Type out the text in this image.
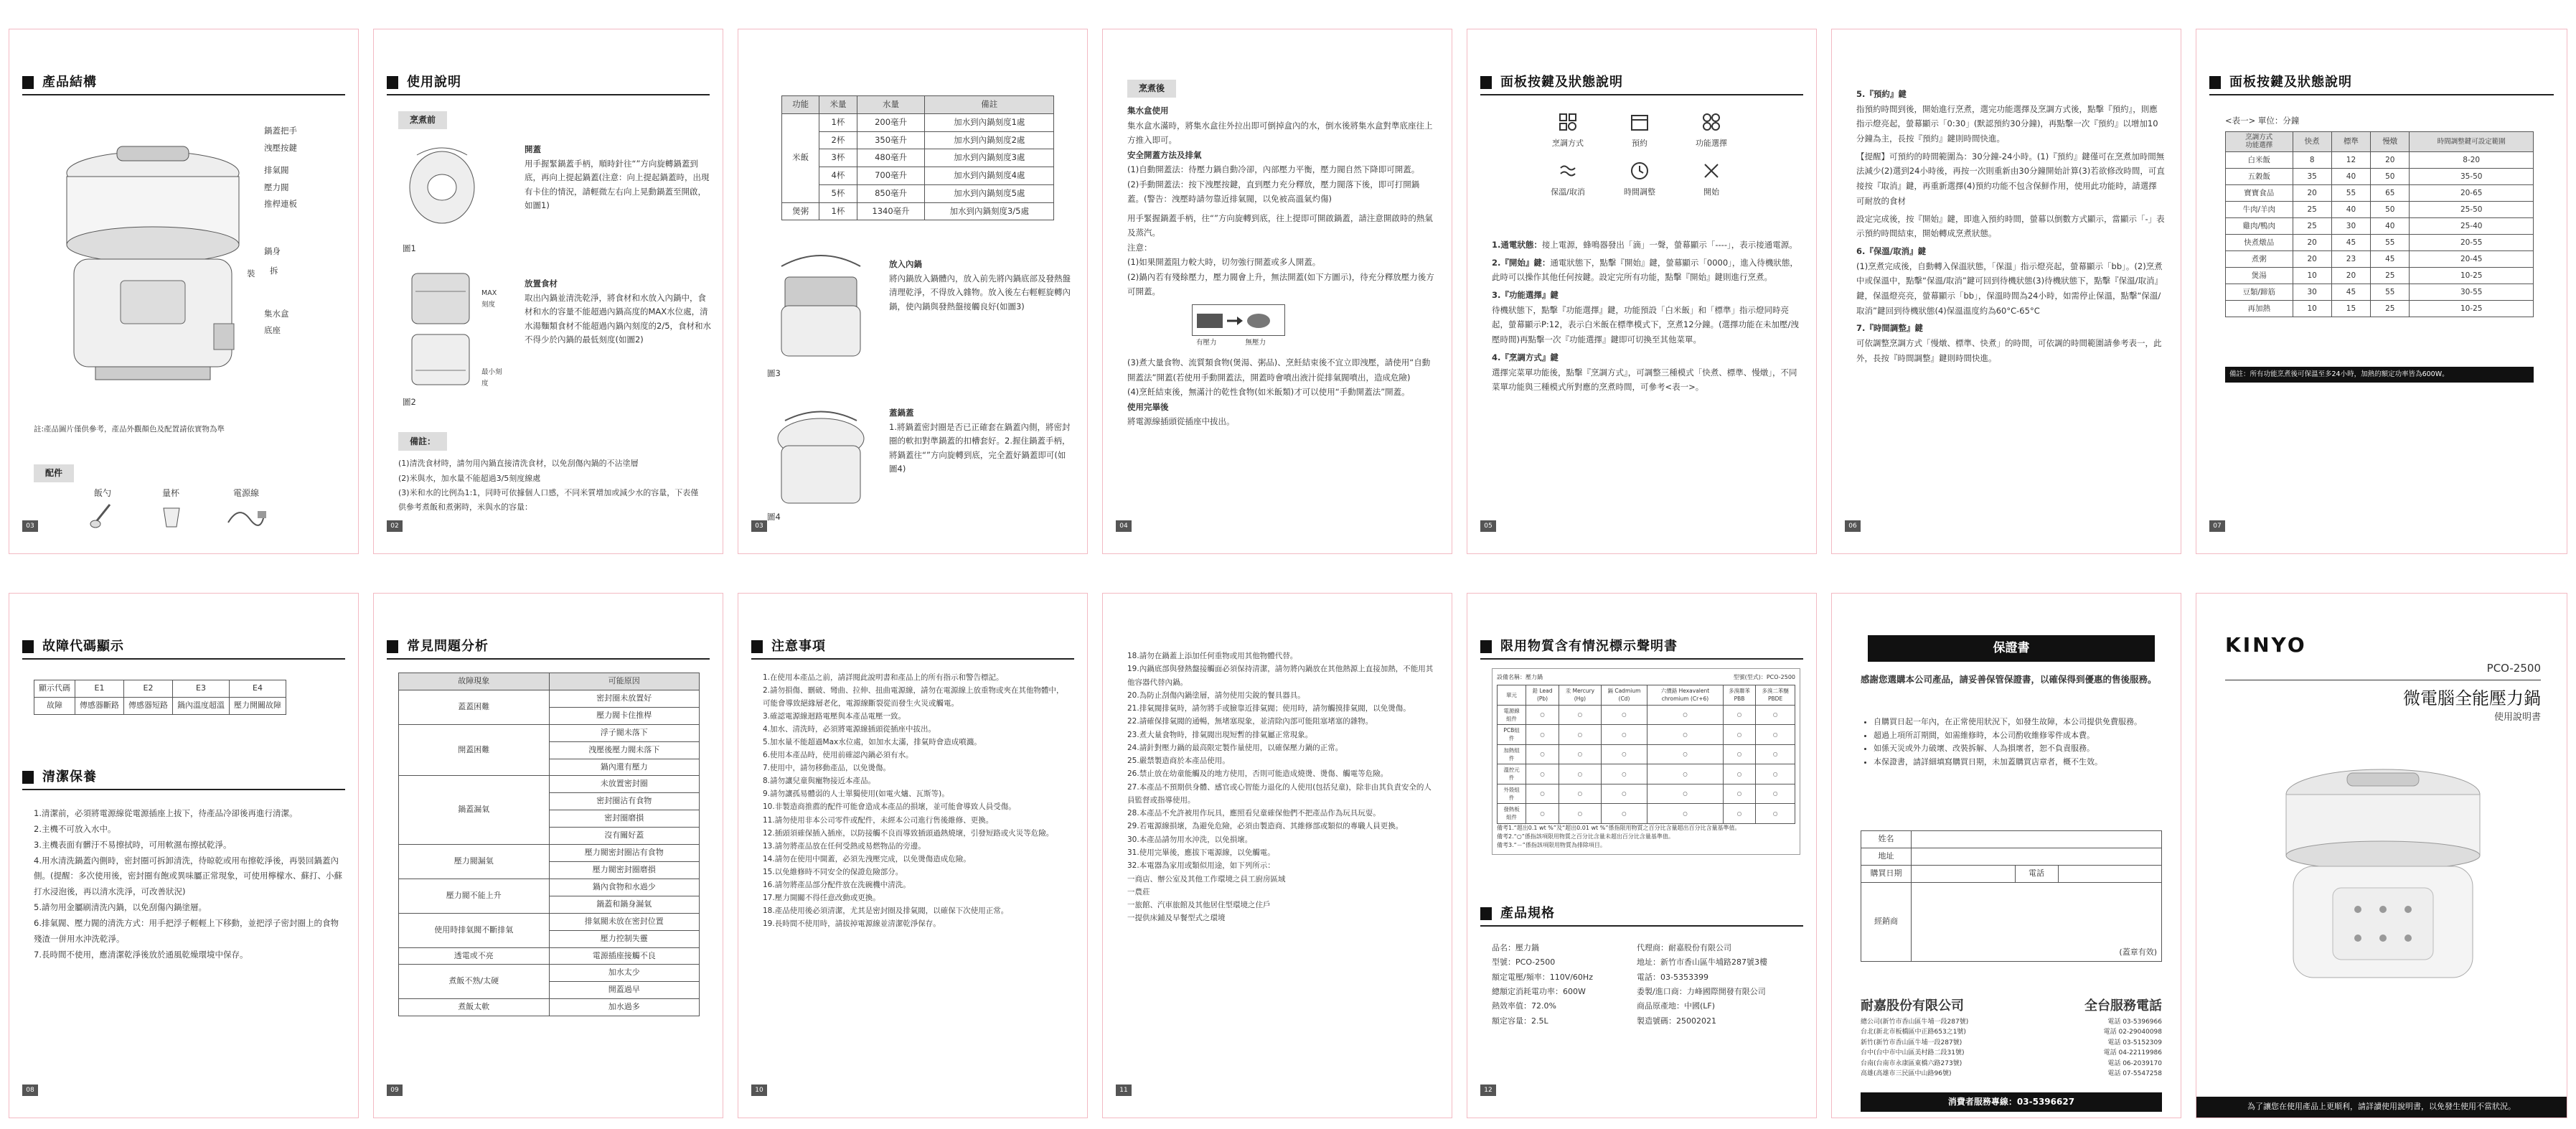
產品結構
鍋蓋把手
洩壓按鍵
排氣閥
壓力閥
推桿連板
鍋身
裝	拆
集水盒
底座
註:產品圖片僅供參考，產品外觀顏色及配置請依實物為準
配件
飯勺	量杯	電源線
03
使用說明
烹煮前
圖1
開蓋
用手握緊鍋蓋手柄，順時針往“”方向旋轉鍋蓋到底，再向上提起鍋蓋(注意：向上提起鍋蓋時，出現有卡住的情況，請輕微左右向上晃動鍋蓋至開啟，如圖1)
MAX刻度
最小刻度
圖2
放置食材
取出內鍋並清洗乾淨，將食材和水放入內鍋中，食材和水的容量不能超過內鍋高度的MAX水位處，清水湯麵類食材不能超過內鍋內刻度的2/5，食材和水不得少於內鍋的最低刻度(如圖2)
備註：
(1)清洗食材時，請勿用內鍋直接清洗食材，以免刮傷內鍋的不沾塗層
(2)米與水，加水量不能超過3/5刻度線處
(3)米和水的比例為1:1，同時可依據個人口感，不同米質增加或減少水的容量，下表僅供參考煮飯和煮粥時，米與水的容量：
02
功能	米量	水量	備註
米飯	1杯	200毫升	加水到內鍋刻度1處
	2杯	350毫升	加水到內鍋刻度2處
	3杯	480毫升	加水到內鍋刻度3處
	4杯	700毫升	加水到內鍋刻度4處
	5杯	850毫升	加水到內鍋刻度5處
煲粥	1杯	1340毫升	加水到內鍋刻度3/5處
圖3
放入內鍋
將內鍋放入鍋體內，放入前先將內鍋底部及發熱盤清理乾淨，不得放入雜物。放入後左右輕輕旋轉內鍋，使內鍋與發熱盤接觸良好(如圖3)
圖4
蓋鍋蓋
1.將鍋蓋密封圈是否已正確套在鍋蓋內側，將密封圈的軟扣對準鍋蓋的扣槽套好。2.握住鍋蓋手柄，將鍋蓋往“”方向旋轉到底，完全蓋好鍋蓋即可(如圖4)
03
烹煮後
集水盒使用
集水盒水滿時，將集水盒往外拉出即可倒掉盒內的水，倒水後將集水盒對準底座往上方推入即可。
安全開蓋方法及排氣
(1)自動開蓋法：待壓力鍋自動冷卻，內部壓力平衡，壓力閥自然下降即可開蓋。
(2)手動開蓋法：按下洩壓按鍵，直到壓力充分釋放，壓力閥落下後，即可打開鍋蓋。(警告：洩壓時請勿靠近排氣閥，以免被高溫氣灼傷)
用手緊握鍋蓋手柄，往“”方向旋轉到底，往上提即可開啟鍋蓋，請注意開啟時的熱氣及蒸汽。
注意：
(1)如果開蓋阻力較大時，切勿強行開蓋或多人開蓋。
(2)鍋內若有殘餘壓力，壓力閥會上升，無法開蓋(如下方圖示)，待充分釋放壓力後方可開蓋。
有壓力	無壓力
(3)煮大量食物、流質類食物(煲湯、粥品)、烹飪結束後不宜立即洩壓，請使用“自動開蓋法”開蓋(若使用手動開蓋法，開蓋時會噴出液汁從排氣閥噴出，造成危險)
(4)烹飪結束後，無滿汁的乾性食物(如米飯類)才可以使用“手動開蓋法”開蓋。
使用完畢後
將電源線插頭從插座中拔出。
04
面板按鍵及狀態說明
烹調方式	預約	功能選擇
保溫/取消	時間調整	開始

1.通電狀態：接上電源，蜂鳴器發出「滴」一聲，螢幕顯示「----」，表示接通電源。

2.『開始』鍵：通電狀態下，點擊『開始』鍵，螢幕顯示「0000」，進入待機狀態，此時可以操作其他任何按鍵。設定完所有功能，點擊『開始』鍵則進行烹煮。

3.『功能選擇』鍵
待機狀態下，點擊『功能選擇』鍵，功能預設「白米飯」和「標準」指示燈同時亮起，螢幕顯示P:12，表示白米飯在標準模式下，烹煮12分鐘。(選擇功能在未加壓/洩壓時間)再點擊一次『功能選擇』鍵即可切換至其他菜單。

4.『烹調方式』鍵
選擇完菜單功能後，點擊『烹調方式』，可調整三種模式「快煮、標準、慢燉」，不同菜單功能與三種模式所對應的烹煮時間，可參考<表一>。

05

5.『預約』鍵
指預約時間到後，開始進行烹煮，選完功能選擇及烹調方式後，點擊『預約』，則應指示燈亮起，螢幕顯示「0:30」(默認預約30分鐘)，再點擊一次『預約』以增加10分鐘為主，長按『預約』鍵則時間快進。

【提醒】可預約的時間範圍為：30分鐘-24小時。(1)『預約』鍵僅可在烹煮加時間無法減少(2)選到24小時後，再按一次則重新由30分鐘開始計算(3)若欲修改時間，可直接按『取消』鍵，再重新選擇(4)預約功能不包含保鮮作用，使用此功能時，請選擇可耐放的食材

設定完成後，按『開始』鍵，即進入預約時間，螢幕以倒數方式顯示，當顯示「-」表示預約時間結束，開始轉成烹煮狀態。

6.『保溫/取消』鍵
(1)烹煮完成後，自動轉入保溫狀態，「保溫」指示燈亮起，螢幕顯示「bb」。(2)烹煮中或保溫中，點擊“保溫/取消”鍵可回到待機狀態(3)待機狀態下，點擊『保溫/取消』鍵，保溫燈亮亮，螢幕顯示「bb」，保溫時間為24小時，如需停止保溫，點擊“保溫/取消”鍵回到待機狀態(4)保溫溫度約為60°C-65°C

7.『時間調整』鍵
可依調整烹調方式「慢燉、標準、快煮」的時間，可依調的時間範圍請參考表一，此外，長按『時間調整』鍵則時間快進。

06
面板按鍵及狀態說明
<表一> 單位：分鐘
烹調方式
功能選擇	快煮	標準	慢燉	時間調整鍵可設定範圍
白米飯	8	12	20	8-20
五穀飯	35	40	50	35-50
寶寶食品	20	55	65	20-65
牛肉/羊肉	25	40	50	25-50
雞肉/鴨肉	25	30	40	25-40
快煮燉品	20	45	55	20-55
煮粥	20	23	45	20-45
煲湯	10	20	25	10-25
豆類/蹄筋	30	45	55	30-55
再加熱	10	15	25	10-25
備註：所有功能烹煮後可保溫至多24小時，加熱的額定功率皆為600W。
07
故障代碼顯示
顯示代碼	E1	E2	E3	E4
故障	傳感器斷路	傳感器短路	鍋內溫度超溫	壓力開關故障
清潔保養
1.清潔前，必須將電源線從電源插座上拔下，待產品冷卻後再進行清潔。
2.主機不可放入水中。
3.主機表面有髒汙不易擦拭時，可用軟濕布擦拭乾淨。
4.用水清洗鍋蓋內側時，密封圈可拆卸清洗，待晾乾或用布擦乾淨後，再裝回鍋蓋內側。(提醒：多次使用後，密封圈有飽或異味屬正常現象，可使用檸檬水、蘇打、小蘇打水浸泡後，再以清水洗淨，可改善狀況)
5.請勿用金屬刷清洗內鍋，以免刮傷內鍋塗層。
6.排氣閥、壓力閥的清洗方式：用手把浮子輕輕上下移動，並把浮子密封圈上的食物殘渣一併用水沖洗乾淨。
7.長時間不使用，應清潔乾淨後放於通風乾燥環境中保存。
08
常見問題分析
故障現象	可能原因
蓋蓋困難	密封圈未放置好
	壓力閥卡住推桿
開蓋困難	浮子閥未落下
	洩壓後壓力閥未落下
	鍋內還有壓力
鍋蓋漏氣	未放置密封圈
	密封圈沾有食物
	密封圈磨損
	沒有關好蓋
壓力閥漏氣	壓力閥密封圈沾有食物
	壓力閥密封圈磨損
壓力閥不能上升	鍋內食物和水過少
	鍋蓋和鍋身漏氣
使用時排氣閥不斷排氣	排氣閥未放在密封位置
	壓力控制失靈
透電或不亮	電源插座接觸不良
煮飯不熟/太硬	加水太少
	開蓋過早
煮飯太軟	加水過多
09
注意事項
1.在使用本產品之前，請詳閱此說明書和產品上的所有指示和警告標記。
2.請勿損傷、刪破、彎曲、拉伸、扭曲電源線，請勿在電源線上放重物或夾在其他物體中，可能會導致絕緣層老化，電源線斷裂從而發生火災或觸電。
3.確認電源線迴路電壓與本產品電壓一致。
4.加水、清洗時，必須將電源線插頭從插座中拔出。
5.加水量不能超過Max水位處，如加水太滿，排氣時會造成噴濺。
6.使用本產品時，使用前確認內鍋必須有水。
7.使用中，請勿移動產品，以免燙傷。
8.請勿讓兒童與寵物接近本產品。
9.請勿讓孤易體弱的人士單獨使用(如電火爐、瓦斯等)。
10.非製造商推薦的配件可能會造成本產品的損壞，並可能會導致人員受傷。
11.請勿使用非本公司零件或配件，未經本公司進行售後維修、更換。
12.插頭須確保插入插座，以防接觸不良而導致插頭過熱燒壞，引發短路或火災等危險。
13.請勿將產品放在任何受熱或易燃物品的旁邊。
14.請勿在使用中開蓋，必須先洩壓完成，以免燙傷造成危險。
15.以免維修時不同安全的保證危險部分。
16.請勿將產品部分配件放在洗碗機中清洗。
17.壓力開關不得任意改動或更換。
18.產品使用後必須清潔，尤其是密封圈及排氣閥，以確保下次使用正常。
19.長時間不使用時，請拔掉電源線並清潔乾淨保存。
10
18.請勿在鍋蓋上添加任何重物或用其他物體代替。
19.內鍋底部與發熱盤接觸面必須保持清潔，請勿將內鍋放在其他熱源上直接加熱，不能用其他容器代替內鍋。
20.為防止刮傷內鍋塗層，請勿使用尖銳的餐具器具。
21.排氣閥排氣時，請勿將手或臉靠近排氣閥；使用時，請勿觸摸排氣閥，以免燙傷。
22.請確保排氣閥的通暢，無堵塞現象，並清除內部可能阻塞堵塞的雜物。
23.煮大量食物時，排氣閥出現短暫的排氣屬正常現象。
24.請針對壓力鍋的最高限定製作量使用，以確保壓力鍋的正常。
25.嚴禁製造商於本產品使用。
26.禁止放在幼童能觸及的地方使用，否則可能造成燒燙、燙傷、觸電等危險。
27.本產品不預期供身體、感官或心智能力退化的人使用(包括兒童)，除非由其負責安全的人員監督或指導使用。
28.本產品不允許被用作玩具，應照看兒童確保他們不把產品作為玩具玩耍。
29.若電源線損壞，為避免危險，必須由製造商、其維修部或類似的專職人員更換。
30.本產品請勿用水沖洗，以免損壞。
31.使用完畢後，應拔下電源線，以免觸電。
32.本電器為家用或類似用途，如下列所示：
一商店、辦公室及其他工作環境之員工廚房區域
一農莊
一旅館、汽車旅館及其他居住型環境之住戶
一提供床鋪及早餐型式之環境
11
限用物質含有情況標示聲明書
設備名稱：壓力鍋	型號(型式)：PCO-2500
單元	鉛 Lead (Pb)	汞 Mercury (Hg)	鎘 Cadmium (Cd)	六價鉻 Hexavalent chromium (Cr+6)	多溴聯苯 PBB	多溴二苯醚 PBDE
電源線組件	○	○	○	○	○	○
PCB組件	○	○	○	○	○	○
加熱組件	○	○	○	○	○	○
溫控元件	○	○	○	○	○	○
外殼組件	○	○	○	○	○	○
發熱板組件	○	○	○	○	○	○
備考1.“超出0.1 wt %”及“超出0.01 wt %”係指限用物質之百分比含量超出百分比含量基準值。
備考2.“○”係指該項限用物質之百分比含量未超出百分比含量基準值。
備考3.“－”係指該項限用物質為排除項目。
產品規格
品名：壓力鍋
型號：PCO-2500
額定電壓/頻率：110V/60Hz
總額定消耗電功率：600W
熱效率值：72.0%
額定容量：2.5L
代理商：耐嘉股份有限公司
地址：新竹市香山區牛埔路287號3樓
電話：03-5353399
委製/進口商：力峰國際開發有限公司
商品原產地：中國(LF)
製造號碼：25002021
12
保證書
感謝您選購本公司產品，請妥善保管保證書，以確保得到優惠的售後服務。
• 自購買日起一年內，在正常使用狀況下，如發生故障，本公司提供免費服務。
• 超過上項所訂期間，如需維修時，本公司酌收維修零件成本費。
• 如係天災或外力破壞、改裝拆解、人為損壞者，恕不負責服務。
• 本保證書，請詳細填寫購買日期，未加蓋購買店章者，概不生效。
姓名			
地址			
購買日期		電話	
經銷商	(蓋章有效)		
耐嘉股份有限公司	全台服務電話
總公司(新竹市香山區牛埔一段287號)	電話 03-5396966
台北(新北市板橋區中正路653之1號)	電話 02-29040098
新竹(新竹市香山區牛埔一段287號)	電話 03-5152309
台中(台中市中山區美村路二段31號)	電話 04-22119986
台南(台南市永康區東橋六路273號)	電話 06-2039170
高雄(高雄市三民區中山路96號)	電話 07-5547258
消費者服務專線：03-5396627
KINYO
PCO-2500
微電腦全能壓力鍋
使用說明書
為了讓您在使用產品上更順利，請詳讀使用說明書，以免發生使用不當狀況。
